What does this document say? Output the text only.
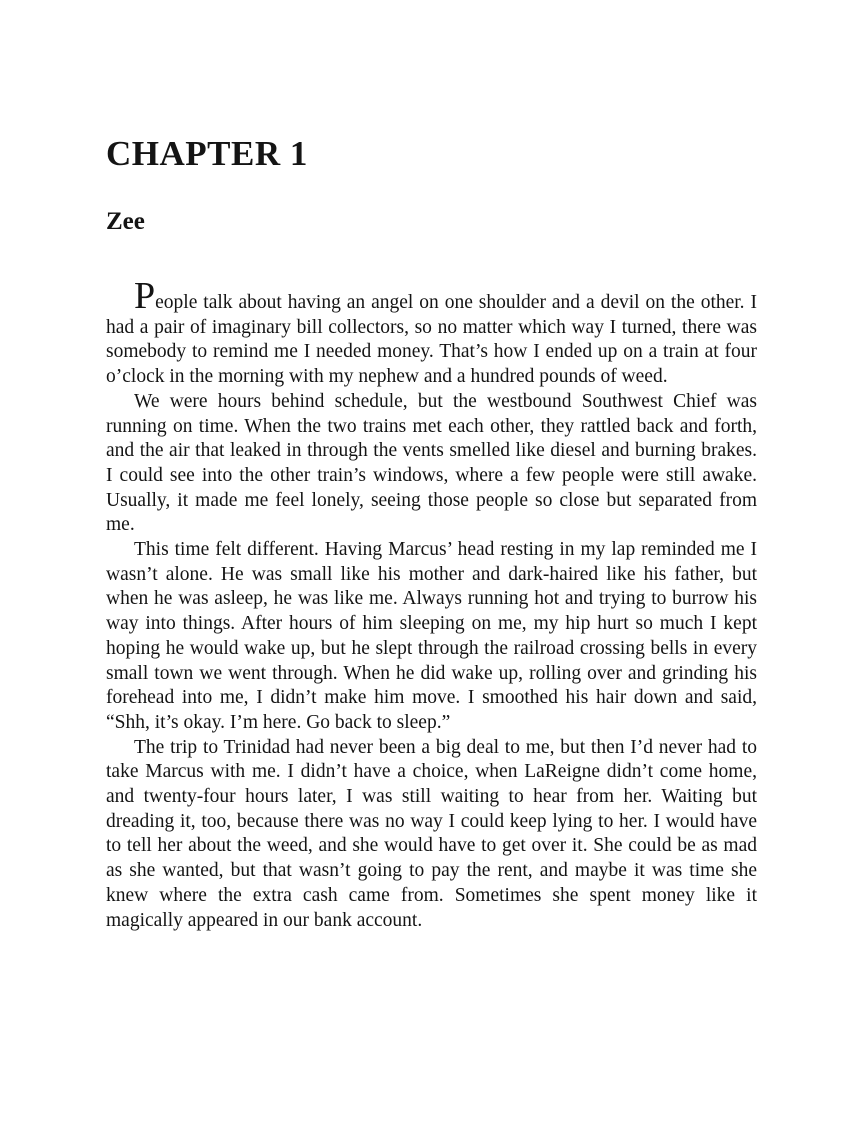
CHAPTER 1
Zee

People talk about having an angel on one shoulder and a devil on the other. I had a pair of imaginary bill collectors, so no matter which way I turned, there was somebody to remind me I needed money. That’s how I ended up on a train at four o’clock in the morning with my nephew and a hundred pounds of weed.

We were hours behind schedule, but the westbound Southwest Chief was running on time. When the two trains met each other, they rattled back and forth, and the air that leaked in through the vents smelled like diesel and burning brakes. I could see into the other train’s windows, where a few people were still awake. Usually, it made me feel lonely, seeing those people so close but separated from me.

This time felt different. Having Marcus’ head resting in my lap reminded me I wasn’t alone. He was small like his mother and dark-haired like his father, but when he was asleep, he was like me. Always running hot and trying to burrow his way into things. After hours of him sleeping on me, my hip hurt so much I kept hoping he would wake up, but he slept through the railroad crossing bells in every small town we went through. When he did wake up, rolling over and grinding his forehead into me, I didn’t make him move. I smoothed his hair down and said, “Shh, it’s okay. I’m here. Go back to sleep.”

The trip to Trinidad had never been a big deal to me, but then I’d never had to take Marcus with me. I didn’t have a choice, when LaReigne didn’t come home, and twenty-four hours later, I was still waiting to hear from her. Waiting but dreading it, too, because there was no way I could keep lying to her. I would have to tell her about the weed, and she would have to get over it. She could be as mad as she wanted, but that wasn’t going to pay the rent, and maybe it was time she knew where the extra cash came from. Sometimes she spent money like it magically appeared in our bank account.
